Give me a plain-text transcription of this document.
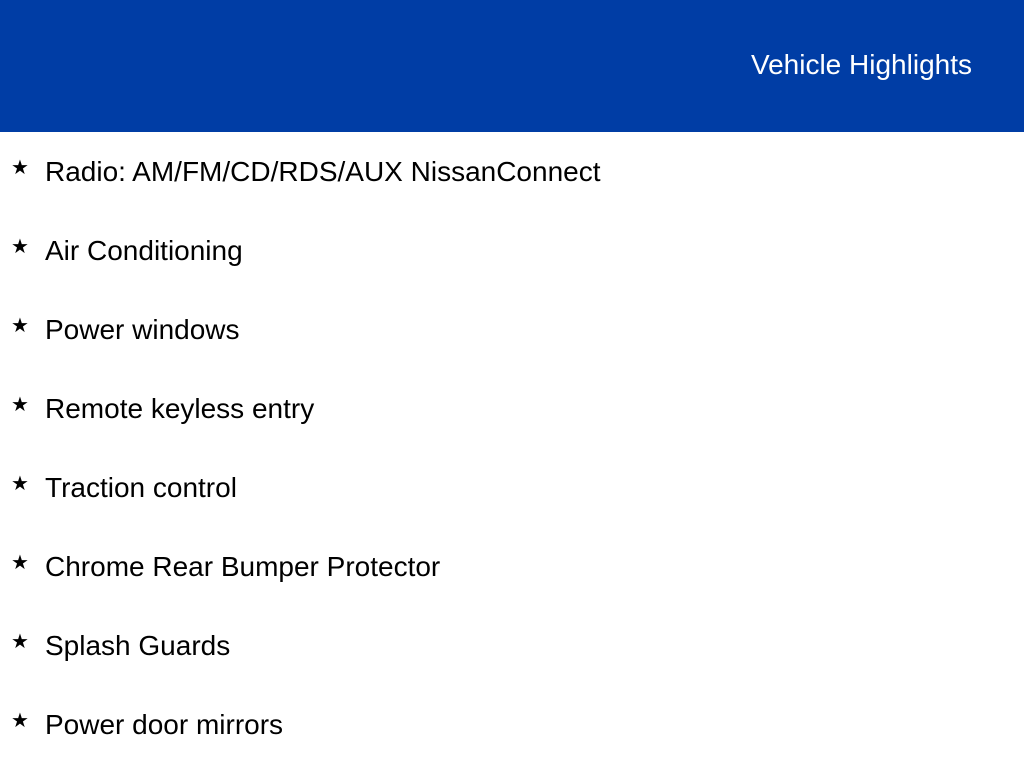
Vehicle Highlights
★ Radio: AM/FM/CD/RDS/AUX NissanConnect
★ Air Conditioning
★ Power windows
★ Remote keyless entry
★ Traction control
★ Chrome Rear Bumper Protector
★ Splash Guards
★ Power door mirrors
